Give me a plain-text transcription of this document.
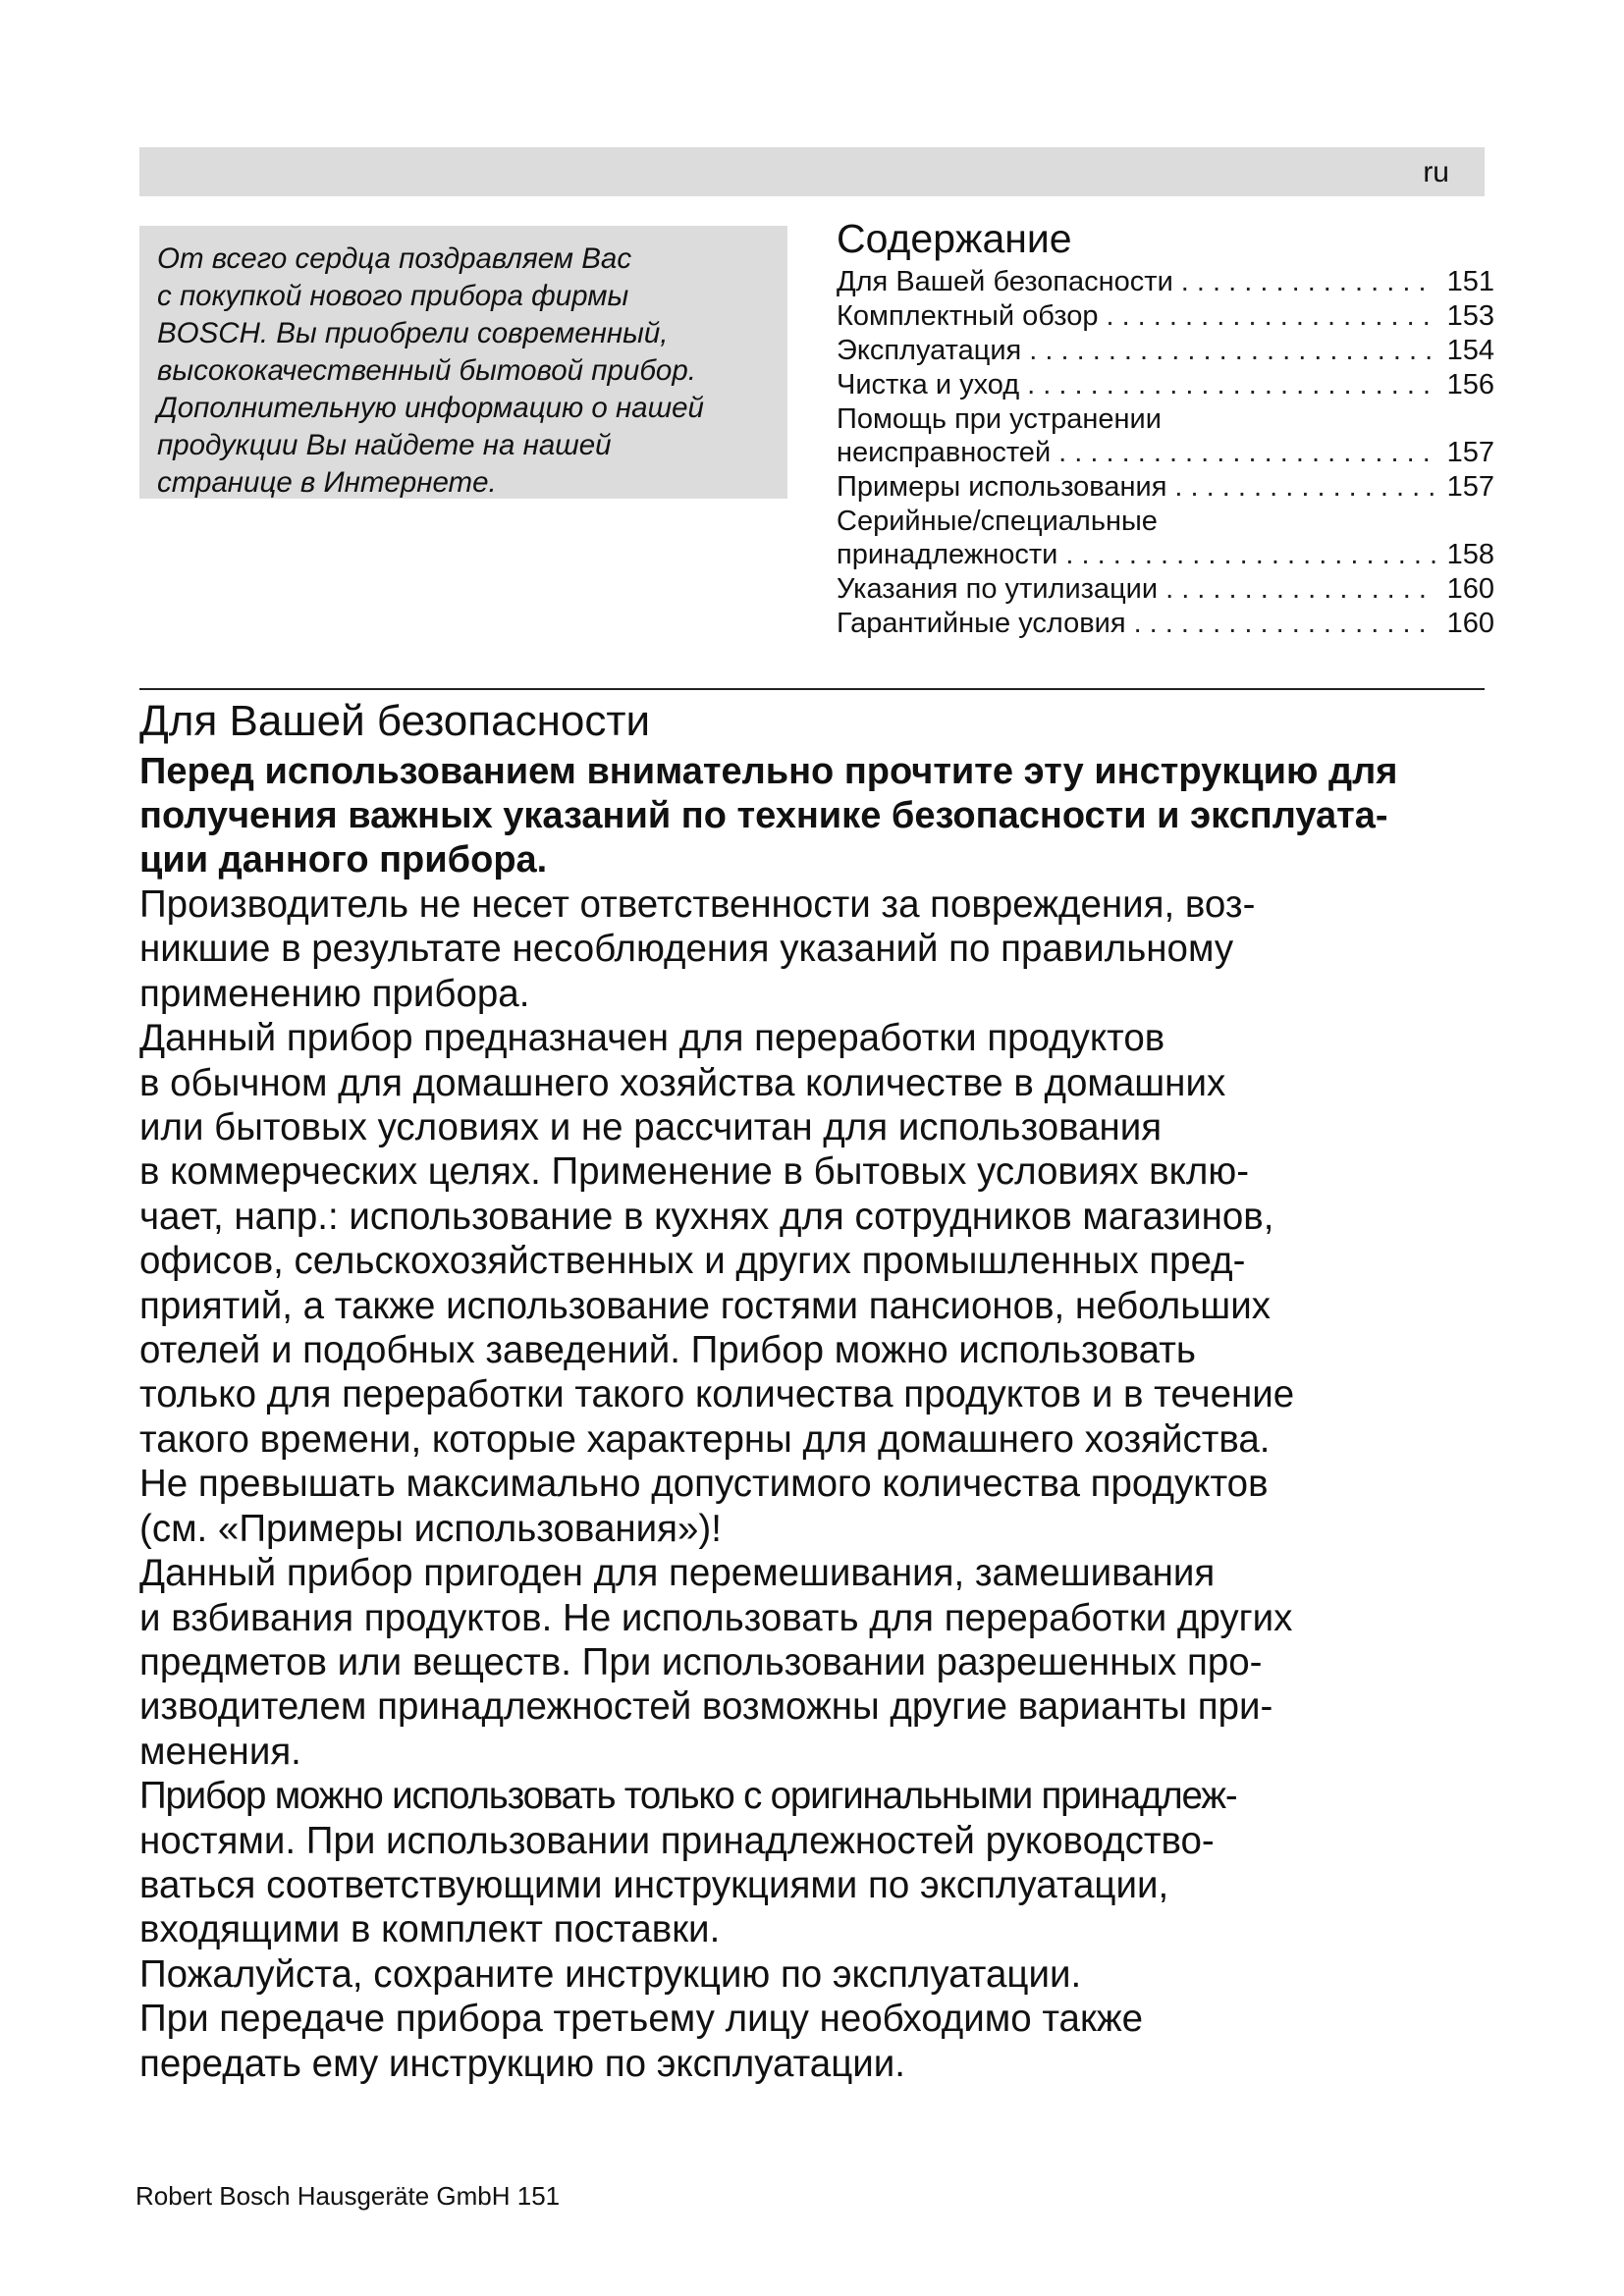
ru
От всего сердца поздравляем Вас
с покупкой нового прибора фирмы
BOSCH. Вы приобрели современный,
высококачественный бытовой прибор.
Дополнительную информацию о нашей
продукции Вы найдете на нашей
странице в Интернете.
Содержание
Для Вашей безопасности . . .	151
Комплектный обзор . . .	153
Эксплуатация . . .	154
Чистка и уход . . .	156
Помощь при устранении
неисправностей . . .	157
Примеры использования . . .	157
Серийные/специальные
принадлежности . . .	158
Указания по утилизации . . .	160
Гарантийные условия . . .	160
Для Вашей безопасности
Перед использованием внимательно прочтите эту инструкцию для
получения важных указаний по технике безопасности и эксплуата-
ции данного прибора.
Производитель не несет ответственности за повреждения, воз-
никшие в результате несоблюдения указаний по правильному
применению прибора.
Данный прибор предназначен для переработки продуктов
в обычном для домашнего хозяйства количестве в домашних
или бытовых условиях и не рассчитан для использования
в коммерческих целях. Применение в бытовых условиях вклю-
чает, напр.: использование в кухнях для сотрудников магазинов,
офисов, сельскохозяйственных и других промышленных пред-
приятий, а также использование гостями пансионов, небольших
отелей и подобных заведений. Прибор можно использовать
только для переработки такого количества продуктов и в течение
такого времени, которые характерны для домашнего хозяйства.
Не превышать максимально допустимого количества продуктов
(см. «Примеры использования»)!
Данный прибор пригоден для перемешивания, замешивания
и взбивания продуктов. Не использовать для переработки других
предметов или веществ. При использовании разрешенных про-
изводителем принадлежностей возможны другие варианты при-
менения.
Прибор можно использовать только с оригинальными принадлеж-
ностями. При использовании принадлежностей руководство-
ваться соответствующими инструкциями по эксплуатации,
входящими в комплект поставки.
Пожалуйста, сохраните инструкцию по эксплуатации.
При передаче прибора третьему лицу необходимо также
передать ему инструкцию по эксплуатации.
Robert Bosch Hausgeräte GmbH 151
